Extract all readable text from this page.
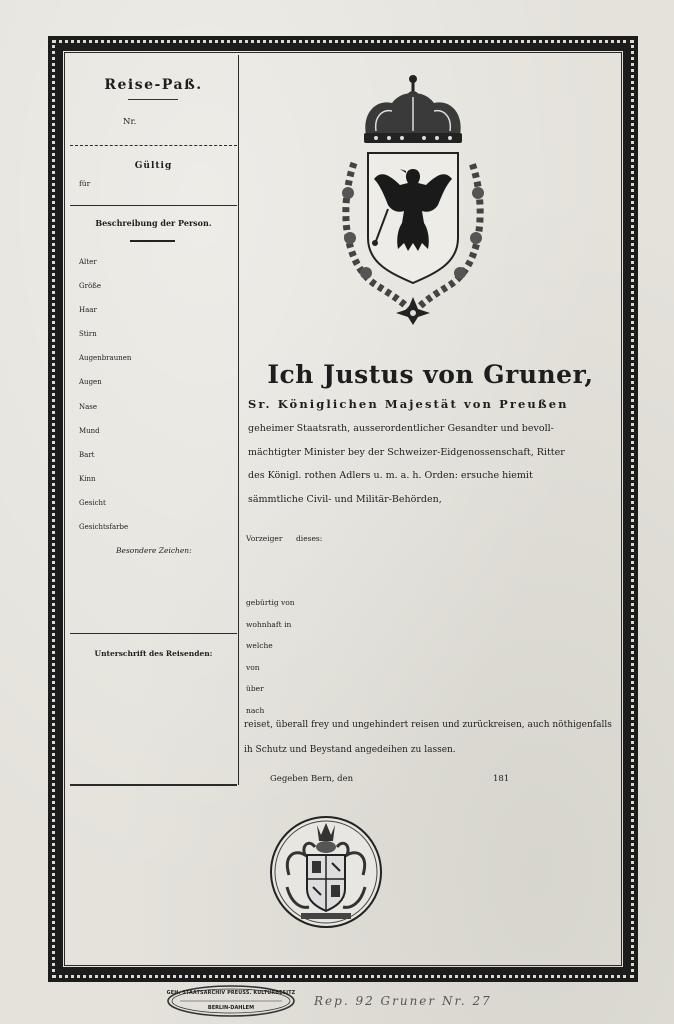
Reise-Paß.
Nr.
Gültig
für
Beschreibung der Person.
Alter
Größe
Haar
Stirn
Augenbraunen
Augen
Nase
Mund
Bart
Kinn
Gesicht
Gesichtsfarbe
Besondere Zeichen:
Unterschrift des Reisenden:
Ich Justus von Gruner,
Sr. Königlichen Majestät von Preußen
geheimer Staatsrath, ausserordentlicher Gesandter und bevoll-
mächtigter Minister bey der Schweizer-Eidgenossenschaft, Ritter
des Königl. rothen Adlers u. m. a. h. Orden: ersuche hiemit
sämmtliche Civil- und Militär-Behörden,
Vorzeiger dieses:
gebürtig von
wohnhaft in
welche
von
über
nach
reiset, überall frey und ungehindert reisen und zurückreisen, auch nöthigenfalls
ih Schutz und Beystand angedeihen zu lassen.
Gegeben Bern, den	181
GEH. STAATSARCHIV PREUSS. KULTURBESITZ
BERLIN-DAHLEM	Rep. 92 Gruner Nr. 27
